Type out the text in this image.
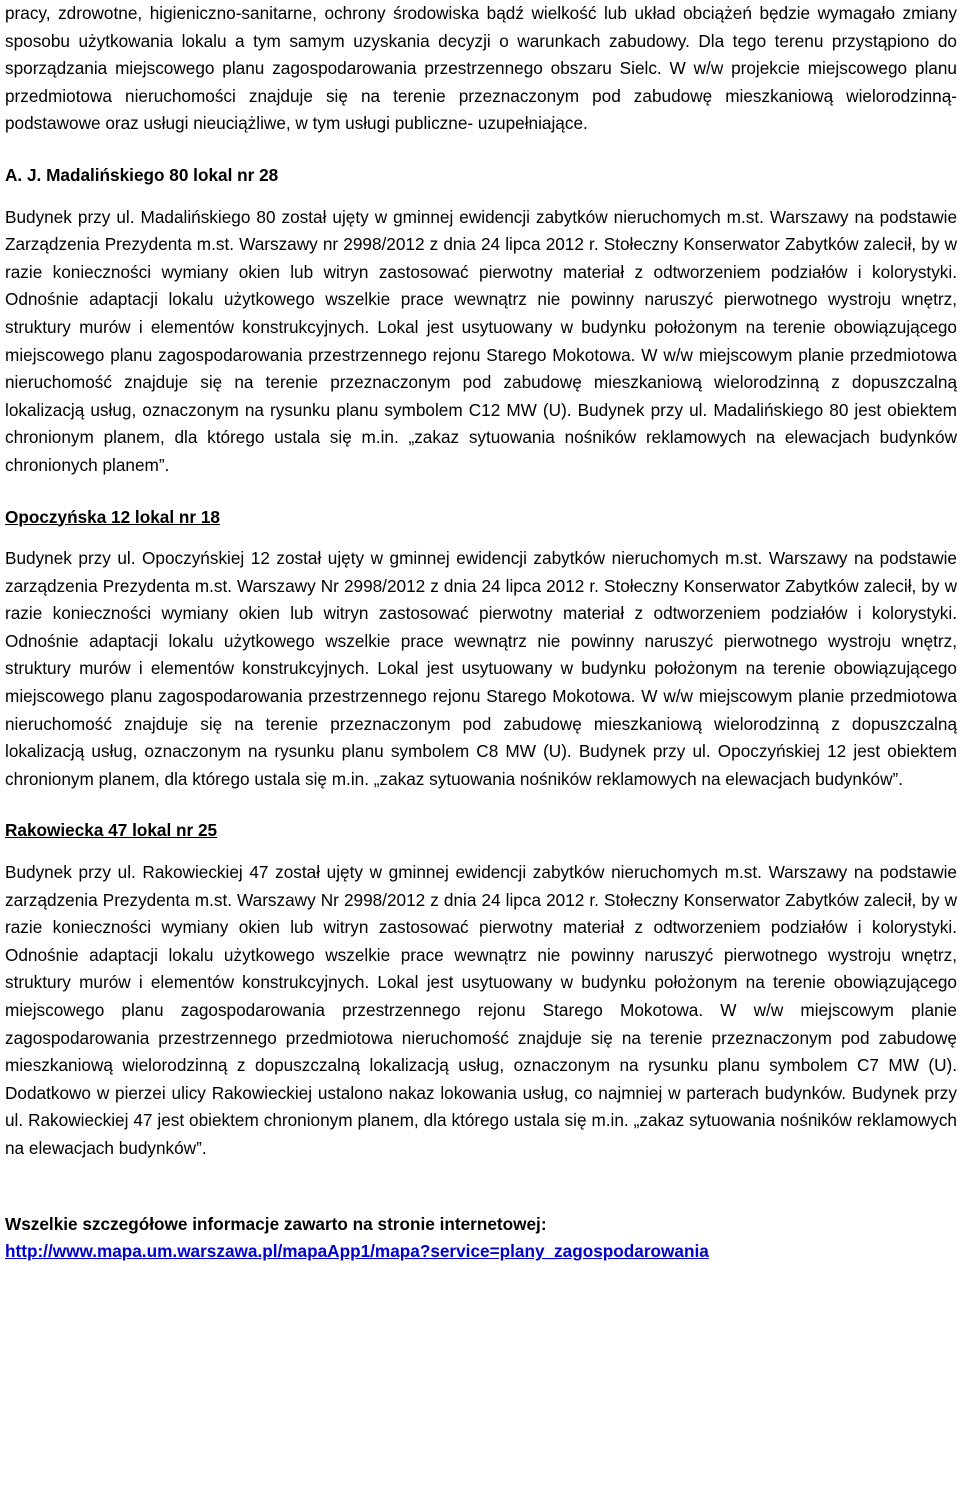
pracy, zdrowotne, higieniczno-sanitarne, ochrony środowiska bądź wielkość lub układ obciążeń będzie wymagało zmiany sposobu użytkowania lokalu a tym samym uzyskania decyzji o warunkach zabudowy. Dla tego terenu przystąpiono do sporządzania miejscowego planu zagospodarowania przestrzennego obszaru Sielc. W w/w projekcie miejscowego planu przedmiotowa nieruchomości znajduje się na terenie przeznaczonym pod zabudowę mieszkaniową wielorodzinną- podstawowe oraz usługi nieuciążliwe, w tym usługi publiczne- uzupełniające.

A. J. Madalińskiego 80 lokal nr 28

Budynek przy ul. Madalińskiego 80 został ujęty w gminnej ewidencji zabytków nieruchomych m.st. Warszawy na podstawie Zarządzenia Prezydenta m.st. Warszawy nr 2998/2012 z dnia 24 lipca 2012 r. Stołeczny Konserwator Zabytków zalecił, by w razie konieczności wymiany okien lub witryn zastosować pierwotny materiał z odtworzeniem podziałów i kolorystyki. Odnośnie adaptacji lokalu użytkowego wszelkie prace wewnątrz nie powinny naruszyć pierwotnego wystroju wnętrz, struktury murów i elementów konstrukcyjnych. Lokal jest usytuowany w budynku położonym na terenie obowiązującego miejscowego planu zagospodarowania przestrzennego rejonu Starego Mokotowa. W w/w miejscowym planie przedmiotowa nieruchomość znajduje się na terenie przeznaczonym pod zabudowę mieszkaniową wielorodzinną z dopuszczalną lokalizacją usług, oznaczonym na rysunku planu symbolem C12 MW (U). Budynek przy ul. Madalińskiego 80 jest obiektem chronionym planem, dla którego ustala się m.in. „zakaz sytuowania nośników reklamowych na elewacjach budynków chronionych planem”.

Opoczyńska 12 lokal nr 18

Budynek przy ul. Opoczyńskiej 12 został ujęty w gminnej ewidencji zabytków nieruchomych m.st. Warszawy na podstawie zarządzenia Prezydenta m.st. Warszawy Nr 2998/2012 z dnia 24 lipca 2012 r. Stołeczny Konserwator Zabytków zalecił, by w razie konieczności wymiany okien lub witryn zastosować pierwotny materiał z odtworzeniem podziałów i kolorystyki. Odnośnie adaptacji lokalu użytkowego wszelkie prace wewnątrz nie powinny naruszyć pierwotnego wystroju wnętrz, struktury murów i elementów konstrukcyjnych. Lokal jest usytuowany w budynku położonym na terenie obowiązującego miejscowego planu zagospodarowania przestrzennego rejonu Starego Mokotowa. W w/w miejscowym planie przedmiotowa nieruchomość znajduje się na terenie przeznaczonym pod zabudowę mieszkaniową wielorodzinną z dopuszczalną lokalizacją usług, oznaczonym na rysunku planu symbolem C8 MW (U). Budynek przy ul. Opoczyńskiej 12 jest obiektem chronionym planem, dla którego ustala się m.in. „zakaz sytuowania nośników reklamowych na elewacjach budynków”.

Rakowiecka 47 lokal nr 25

Budynek przy ul. Rakowieckiej 47 został ujęty w gminnej ewidencji zabytków nieruchomych m.st. Warszawy na podstawie zarządzenia Prezydenta m.st. Warszawy Nr 2998/2012 z dnia 24 lipca 2012 r. Stołeczny Konserwator Zabytków zalecił, by w razie konieczności wymiany okien lub witryn zastosować pierwotny materiał z odtworzeniem podziałów i kolorystyki. Odnośnie adaptacji lokalu użytkowego wszelkie prace wewnątrz nie powinny naruszyć pierwotnego wystroju wnętrz, struktury murów i elementów konstrukcyjnych. Lokal jest usytuowany w budynku położonym na terenie obowiązującego miejscowego planu zagospodarowania przestrzennego rejonu Starego Mokotowa. W w/w miejscowym planie zagospodarowania przestrzennego przedmiotowa nieruchomość znajduje się na terenie przeznaczonym pod zabudowę mieszkaniową wielorodzinną z dopuszczalną lokalizacją usług, oznaczonym na rysunku planu symbolem C7 MW (U). Dodatkowo w pierzei ulicy Rakowieckiej ustalono nakaz lokowania usług, co najmniej w parterach budynków. Budynek przy ul. Rakowieckiej 47 jest obiektem chronionym planem, dla którego ustala się m.in. „zakaz sytuowania nośników reklamowych na elewacjach budynków”.

Wszelkie szczegółowe informacje zawarto na stronie internetowej:

http://www.mapa.um.warszawa.pl/mapaApp1/mapa?service=plany_zagospodarowania
